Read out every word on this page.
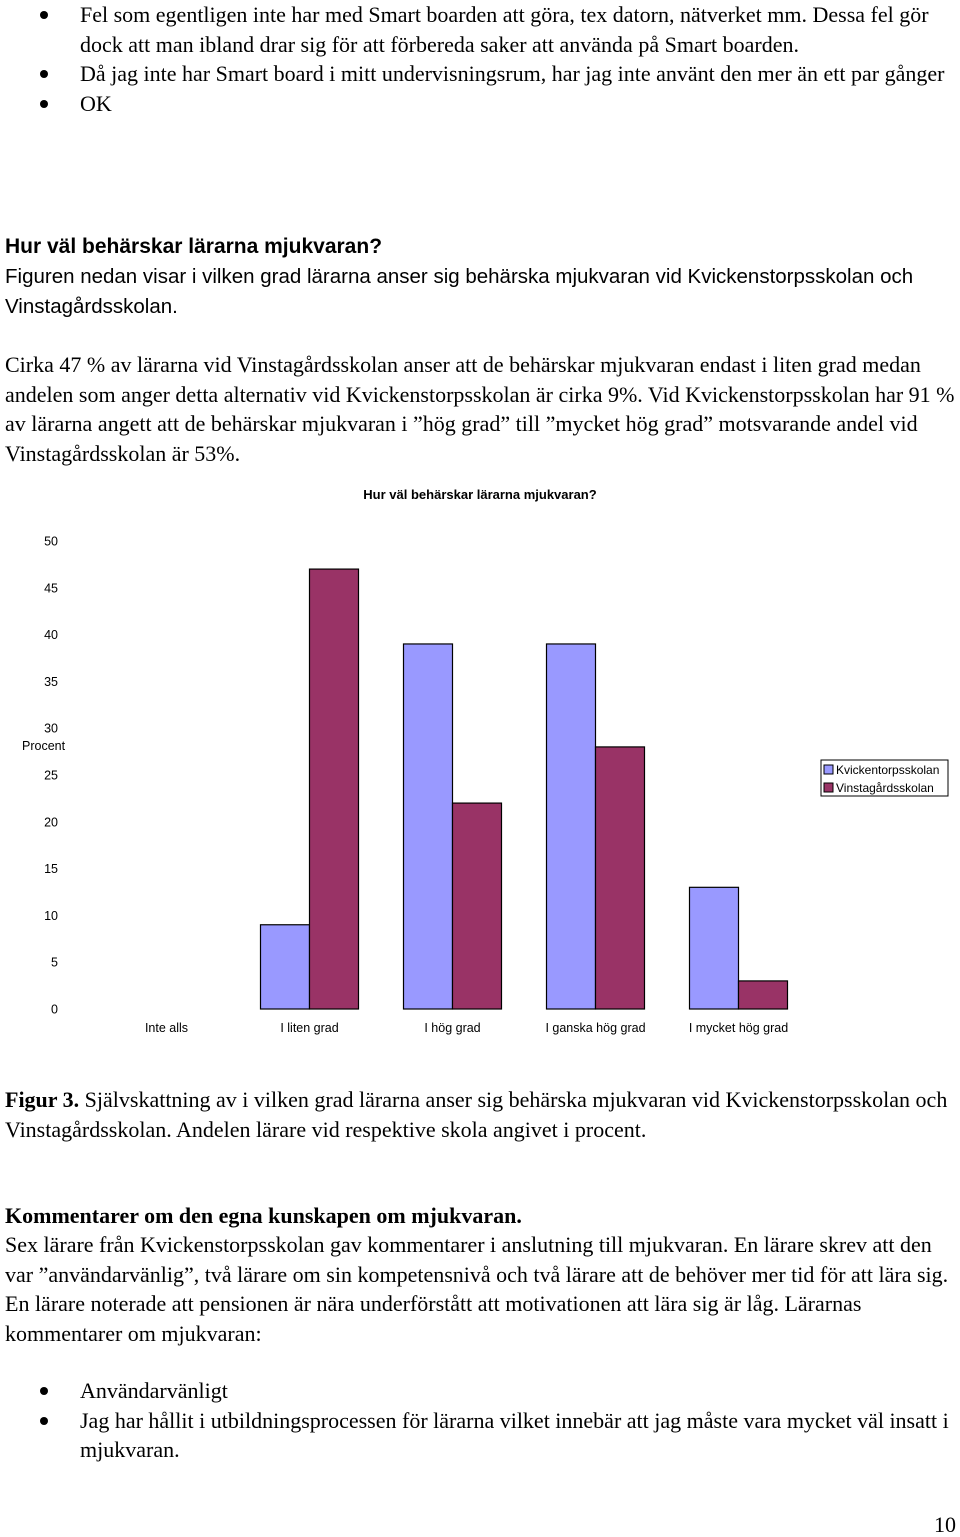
Fel som egentligen inte har med Smart boarden att göra, tex datorn, nätverket mm. Dessa fel gör dock att man ibland drar sig för att förbereda saker att använda på Smart boarden.
Då jag inte har Smart board i mitt undervisningsrum, har jag inte använt den mer än ett par gånger
OK
Hur väl behärskar lärarna mjukvaran?

Figuren nedan visar i vilken grad lärarna anser sig behärska mjukvaran vid Kvickenstorpsskolan och Vinstagårdsskolan.

Cirka 47 % av lärarna vid Vinstagårdsskolan anser att de behärskar mjukvaran endast i liten grad medan andelen som anger detta alternativ vid Kvickenstorpsskolan är cirka 9%. Vid Kvickenstorpsskolan har 91 % av lärarna angett att de behärskar mjukvaran i ”hög grad” till ”mycket hög grad” motsvarande andel vid Vinstagårdsskolan är 53%.

Hur väl behärskar lärarna mjukvaran?
0
5
10
15
20
25
30
35
40
45
50
Procent
Inte alls	I liten grad	I hög grad	I ganska hög grad	I mycket hög grad
Kvickentorpsskolan
Vinstagårdsskolan

Figur 3. Självskattning av i vilken grad lärarna anser sig behärska mjukvaran vid Kvickenstorpsskolan och Vinstagårdsskolan. Andelen lärare vid respektive skola angivet i procent.

Kommentarer om den egna kunskapen om mjukvaran.

Sex lärare från Kvickenstorpsskolan gav kommentarer i anslutning till mjukvaran. En lärare skrev att den var ”användarvänlig”, två lärare om sin kompetensnivå och två lärare att de behöver mer tid för att lära sig. En lärare noterade att pensionen är nära underförstått att motivationen att lära sig är låg. Lärarnas kommentarer om mjukvaran:

Användarvänligt
Jag har hållit i utbildningsprocessen för lärarna vilket innebär att jag måste vara mycket väl insatt i mjukvaran.

10
